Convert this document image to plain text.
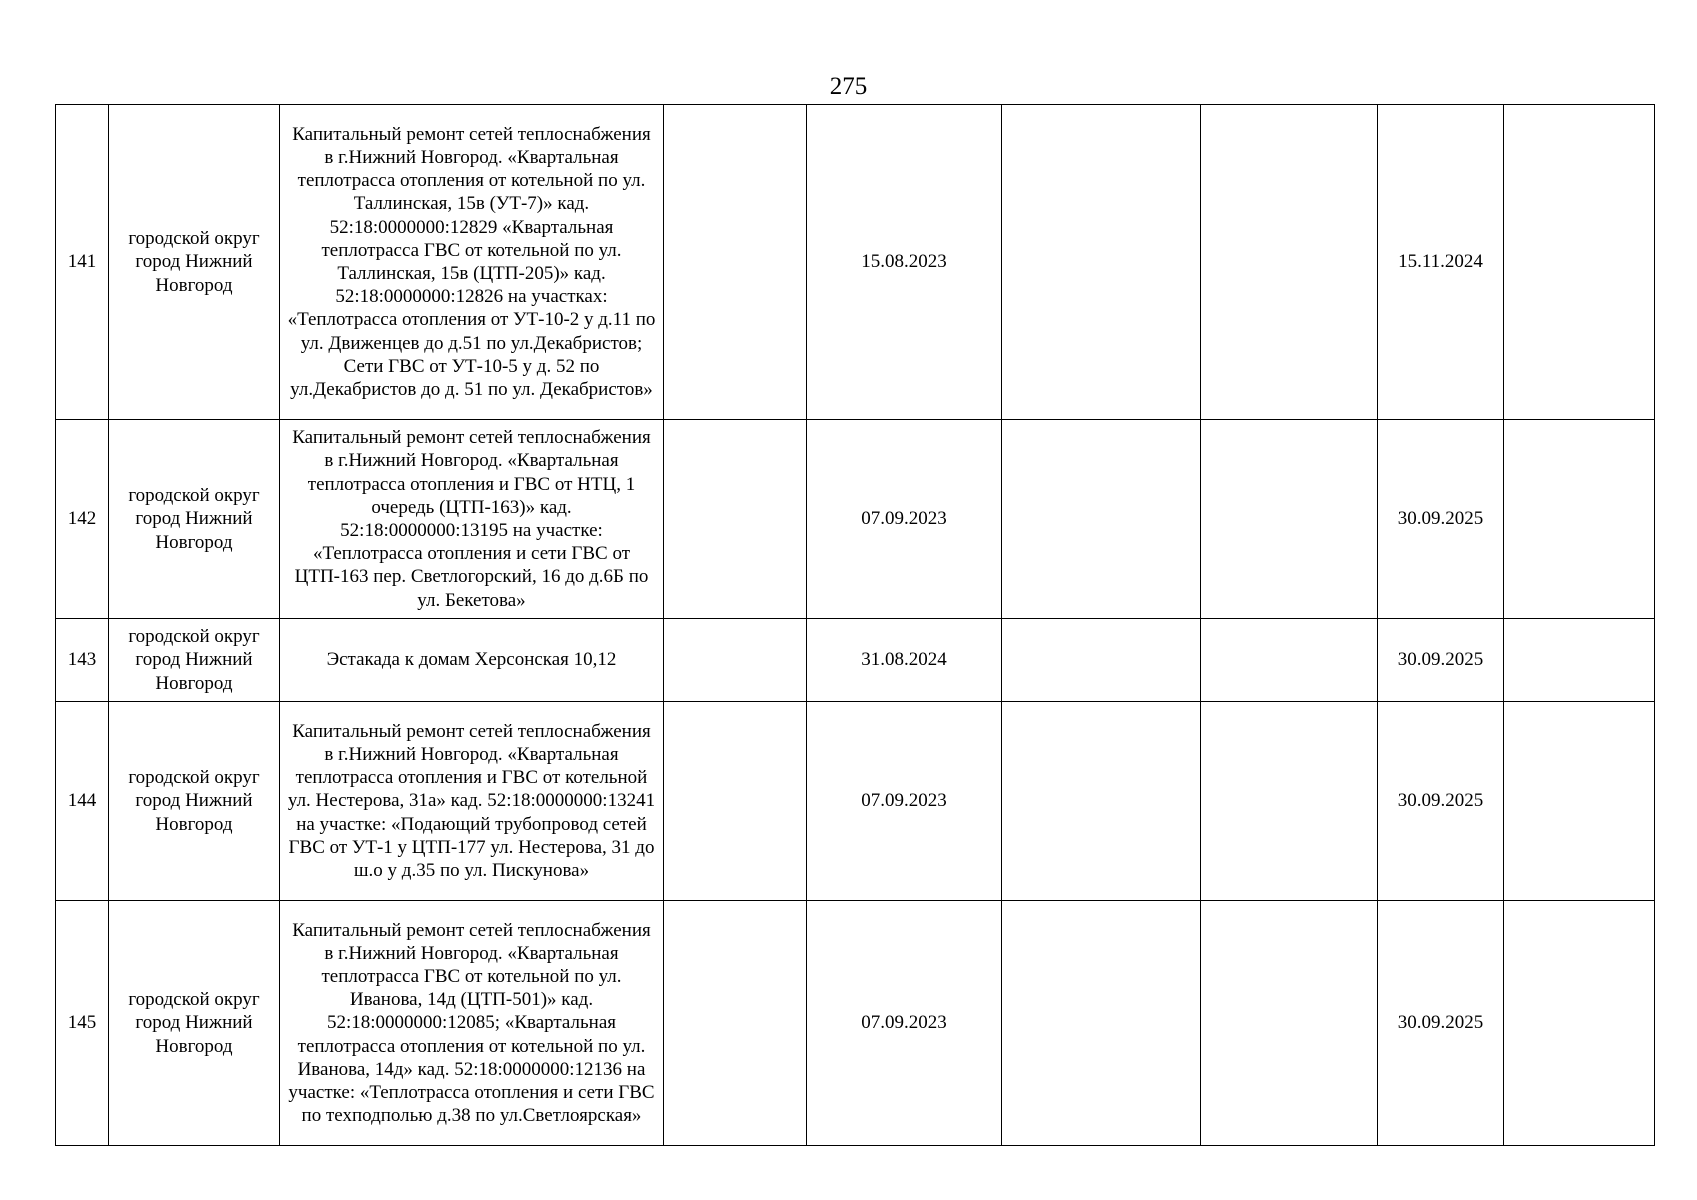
275
141	городской округ город Нижний Новгород	Капитальный ремонт сетей теплоснабжения в г.Нижний Новгород. «Квартальная теплотрасса отопления от котельной по ул. Таллинская, 15в (УТ-7)» кад. 52:18:0000000:12829 «Квартальная теплотрасса ГВС от котельной по ул. Таллинская, 15в (ЦТП-205)» кад. 52:18:0000000:12826 на участках: «Теплотрасса отопления от УТ-10-2 у д.11 по ул. Движенцев до д.51 по ул.Декабристов; Сети ГВС от УТ-10-5 у д. 52 по ул.Декабристов до д. 51 по ул. Декабристов»		15.08.2023			15.11.2024	
142	городской округ город Нижний Новгород	Капитальный ремонт сетей теплоснабжения в г.Нижний Новгород. «Квартальная теплотрасса отопления и ГВС от НТЦ, 1 очередь (ЦТП-163)» кад. 52:18:0000000:13195 на участке: «Теплотрасса отопления и сети ГВС от ЦТП-163 пер. Светлогорский, 16 до д.6Б по ул. Бекетова»		07.09.2023			30.09.2025	
143	городской округ город Нижний Новгород	Эстакада к домам Херсонская 10,12		31.08.2024			30.09.2025	
144	городской округ город Нижний Новгород	Капитальный ремонт сетей теплоснабжения в г.Нижний Новгород. «Квартальная теплотрасса отопления и ГВС от котельной ул. Нестерова, 31а» кад. 52:18:0000000:13241 на участке: «Подающий трубопровод сетей ГВС от УТ-1 у ЦТП-177 ул. Нестерова, 31 до ш.о у д.35 по ул. Пискунова»		07.09.2023			30.09.2025	
145	городской округ город Нижний Новгород	Капитальный ремонт сетей теплоснабжения в г.Нижний Новгород. «Квартальная теплотрасса ГВС от котельной по ул. Иванова, 14д (ЦТП-501)» кад. 52:18:0000000:12085; «Квартальная теплотрасса отопления от котельной по ул. Иванова, 14д» кад. 52:18:0000000:12136 на участке: «Теплотрасса отопления и сети ГВС по техподполью д.38 по ул.Светлоярская»		07.09.2023			30.09.2025	
